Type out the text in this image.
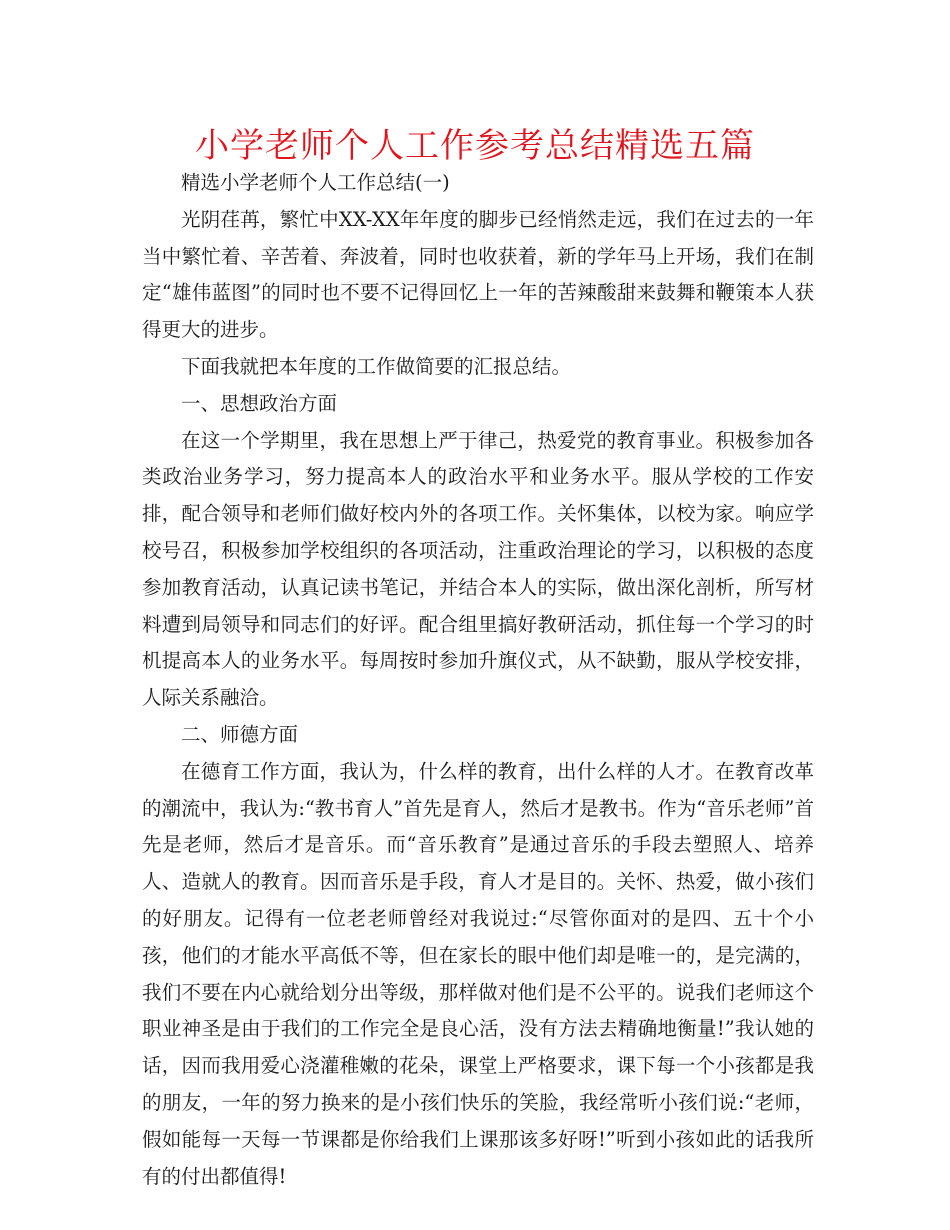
小学老师个人工作参考总结精选五篇

精选小学老师个人工作总结(一)

光阴荏苒，繁忙中XX-XX年年度的脚步已经悄然走远，我们在过去的一年当中繁忙着、辛苦着、奔波着，同时也收获着，新的学年马上开场，我们在制定“雄伟蓝图”的同时也不要不记得回忆上一年的苦辣酸甜来鼓舞和鞭策本人获得更大的进步。

下面我就把本年度的工作做简要的汇报总结。

一、思想政治方面

在这一个学期里，我在思想上严于律己，热爱党的教育事业。积极参加各类政治业务学习，努力提高本人的政治水平和业务水平。服从学校的工作安排，配合领导和老师们做好校内外的各项工作。关怀集体，以校为家。响应学校号召，积极参加学校组织的各项活动，注重政治理论的学习，以积极的态度参加教育活动，认真记读书笔记，并结合本人的实际，做出深化剖析，所写材料遭到局领导和同志们的好评。配合组里搞好教研活动，抓住每一个学习的时机提高本人的业务水平。每周按时参加升旗仪式，从不缺勤，服从学校安排，人际关系融洽。

二、师德方面

在德育工作方面，我认为，什么样的教育，出什么样的人才。在教育改革的潮流中，我认为:“教书育人”首先是育人，然后才是教书。作为“音乐老师”首先是老师，然后才是音乐。而“音乐教育”是通过音乐的手段去塑照人、培养人、造就人的教育。因而音乐是手段，育人才是目的。关怀、热爱，做小孩们的好朋友。记得有一位老老师曾经对我说过:“尽管你面对的是四、五十个小孩，他们的才能水平高低不等，但在家长的眼中他们却是唯一的，是完满的，我们不要在内心就给划分出等级，那样做对他们是不公平的。说我们老师这个职业神圣是由于我们的工作完全是良心活，没有方法去精确地衡量!”我认她的话，因而我用爱心浇灌稚嫩的花朵，课堂上严格要求，课下每一个小孩都是我的朋友，一年的努力换来的是小孩们快乐的笑脸，我经常听小孩们说:“老师，假如能每一天每一节课都是你给我们上课那该多好呀!”听到小孩如此的话我所有的付出都值得!
